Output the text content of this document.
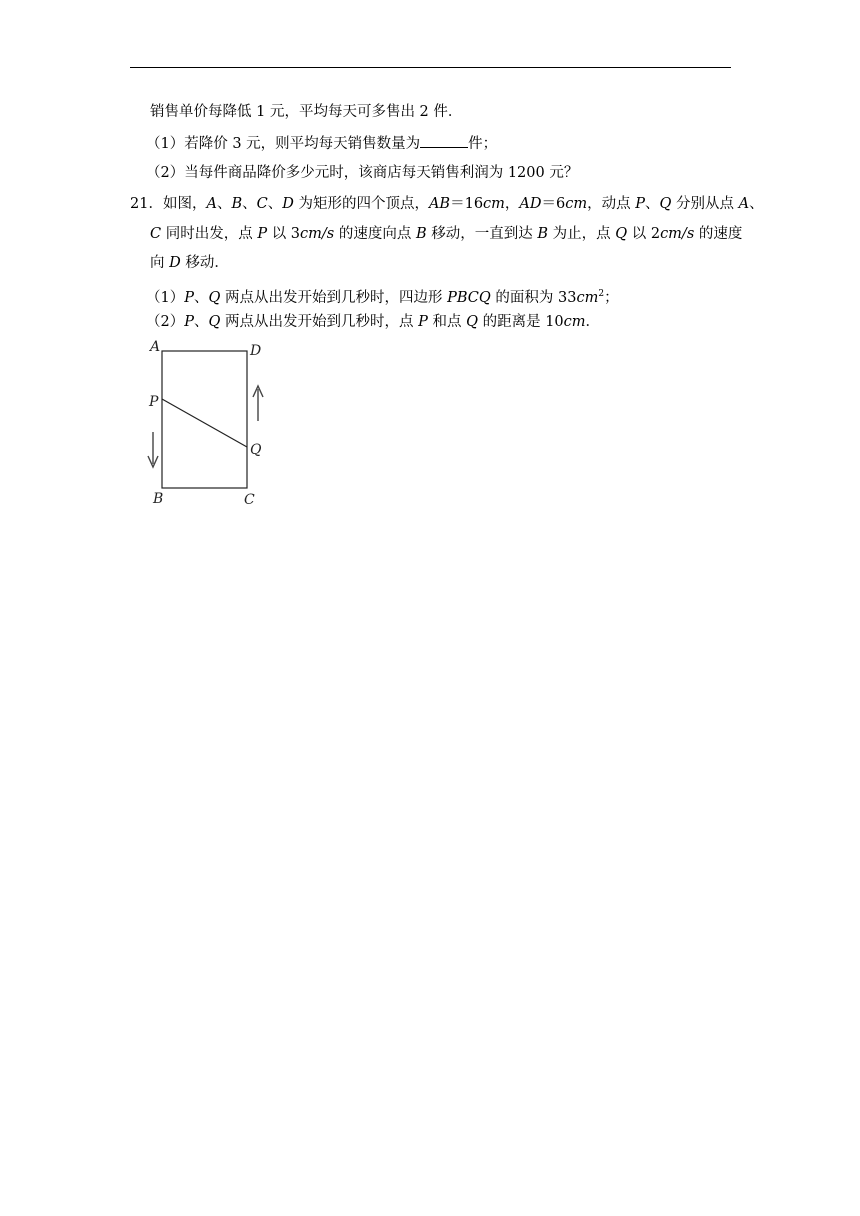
销售单价每降低 1 元，平均每天可多售出 2 件．
（1）若降价 3 元，则平均每天销售数量为	件；
（2）当每件商品降价多少元时，该商店每天销售利润为 1200 元？
21．如图，A、B、C、D 为矩形的四个顶点，AB＝16cm，AD＝6cm，动点 P、Q 分别从点 A、
C 同时出发，点 P 以 3cm/s 的速度向点 B 移动，一直到达 B 为止，点 Q 以 2cm/s 的速度
向 D 移动．
（1）P、Q 两点从出发开始到几秒时，四边形 PBCQ 的面积为 $33cm^2$；
（2）P、Q 两点从出发开始到几秒时，点 P 和点 Q 的距离是 10cm．
A	D
P
Q
B	C
